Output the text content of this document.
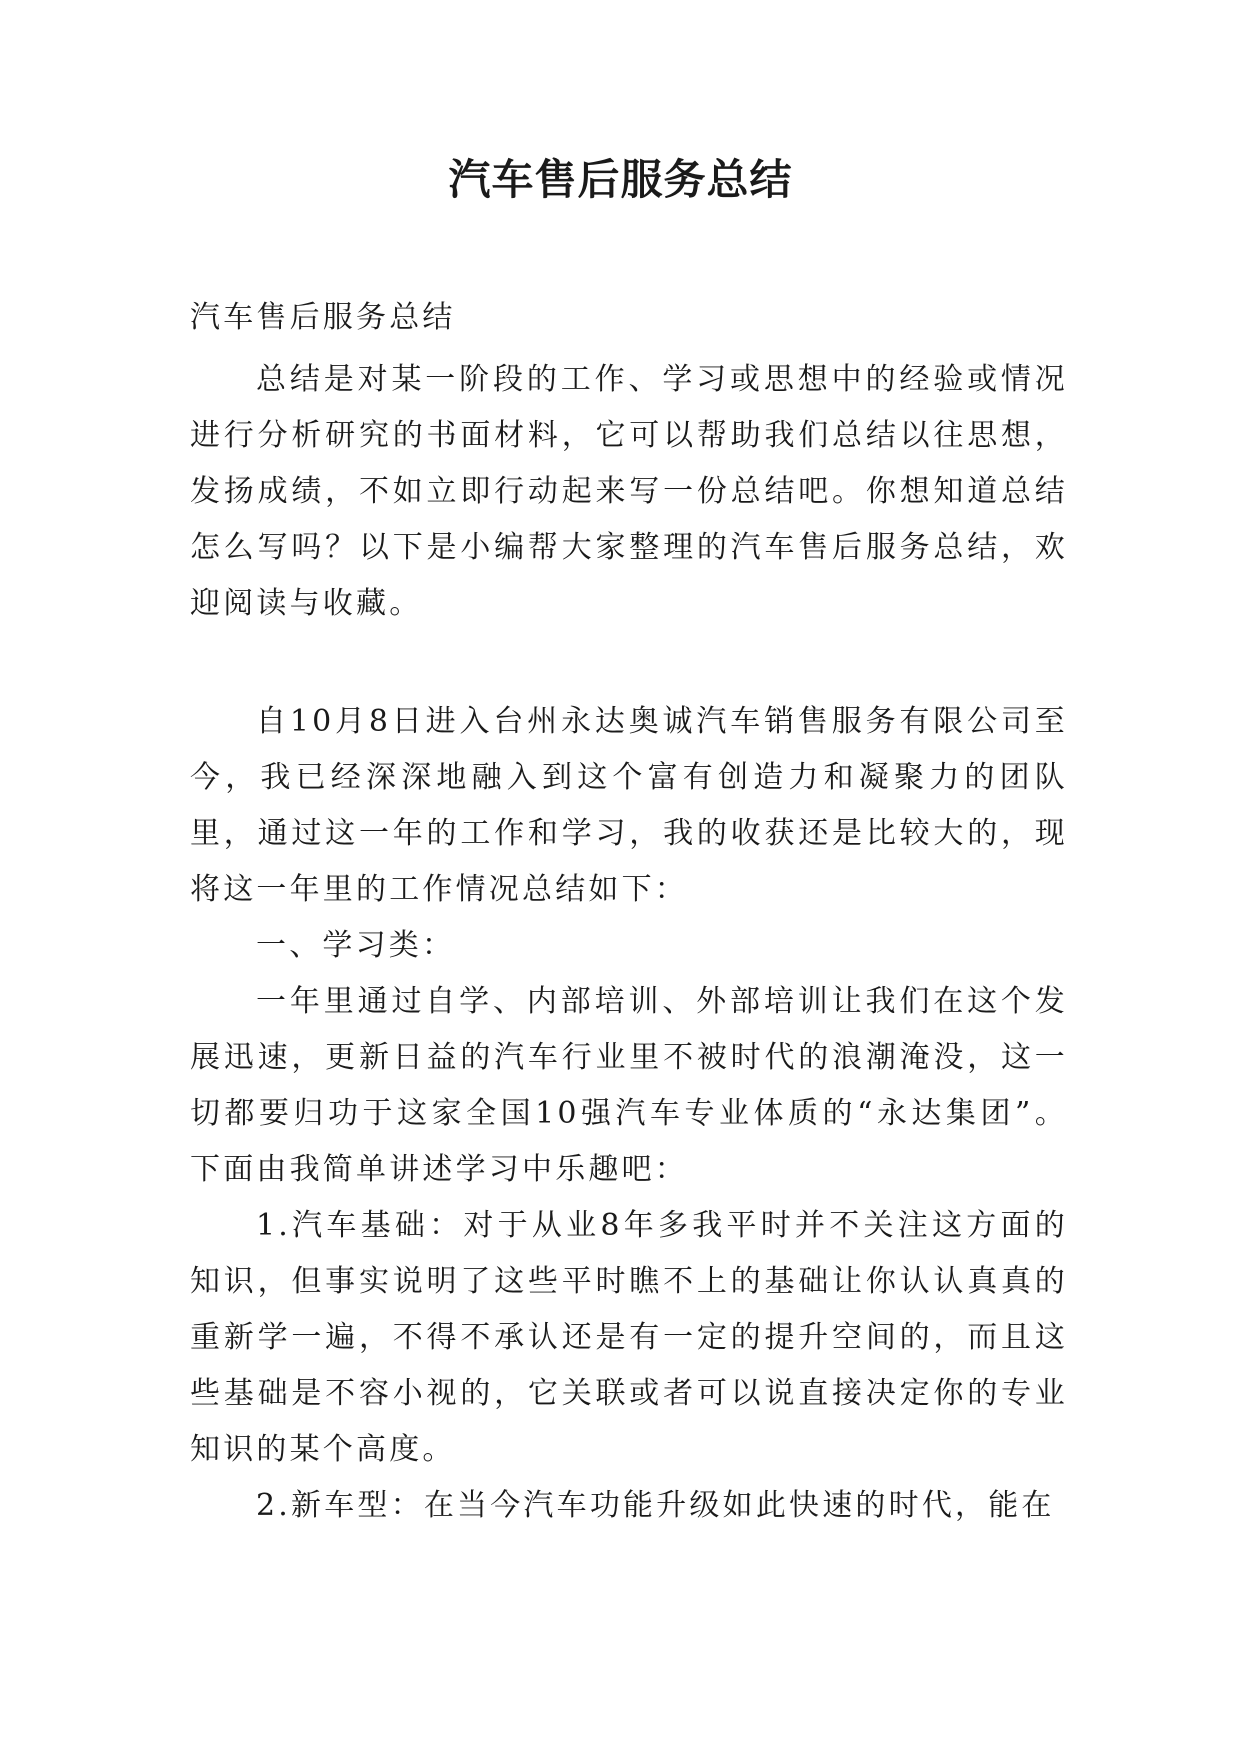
汽车售后服务总结

汽车售后服务总结

总结是对某一阶段的工作、学习或思想中的经验或情况进行分析研究的书面材料，它可以帮助我们总结以往思想，发扬成绩，不如立即行动起来写一份总结吧。你想知道总结怎么写吗？以下是小编帮大家整理的汽车售后服务总结，欢迎阅读与收藏。

自10月8日进入台州永达奥诚汽车销售服务有限公司至今，我已经深深地融入到这个富有创造力和凝聚力的团队里，通过这一年的工作和学习，我的收获还是比较大的，现将这一年里的工作情况总结如下：

一、学习类：

一年里通过自学、内部培训、外部培训让我们在这个发展迅速，更新日益的汽车行业里不被时代的浪潮淹没，这一切都要归功于这家全国10强汽车专业体质的“永达集团”。下面由我简单讲述学习中乐趣吧：

1.汽车基础：对于从业8年多我平时并不关注这方面的知识，但事实说明了这些平时瞧不上的基础让你认认真真的重新学一遍，不得不承认还是有一定的提升空间的，而且这些基础是不容小视的，它关联或者可以说直接决定你的专业知识的某个高度。

2.新车型：在当今汽车功能升级如此快速的时代，能在
